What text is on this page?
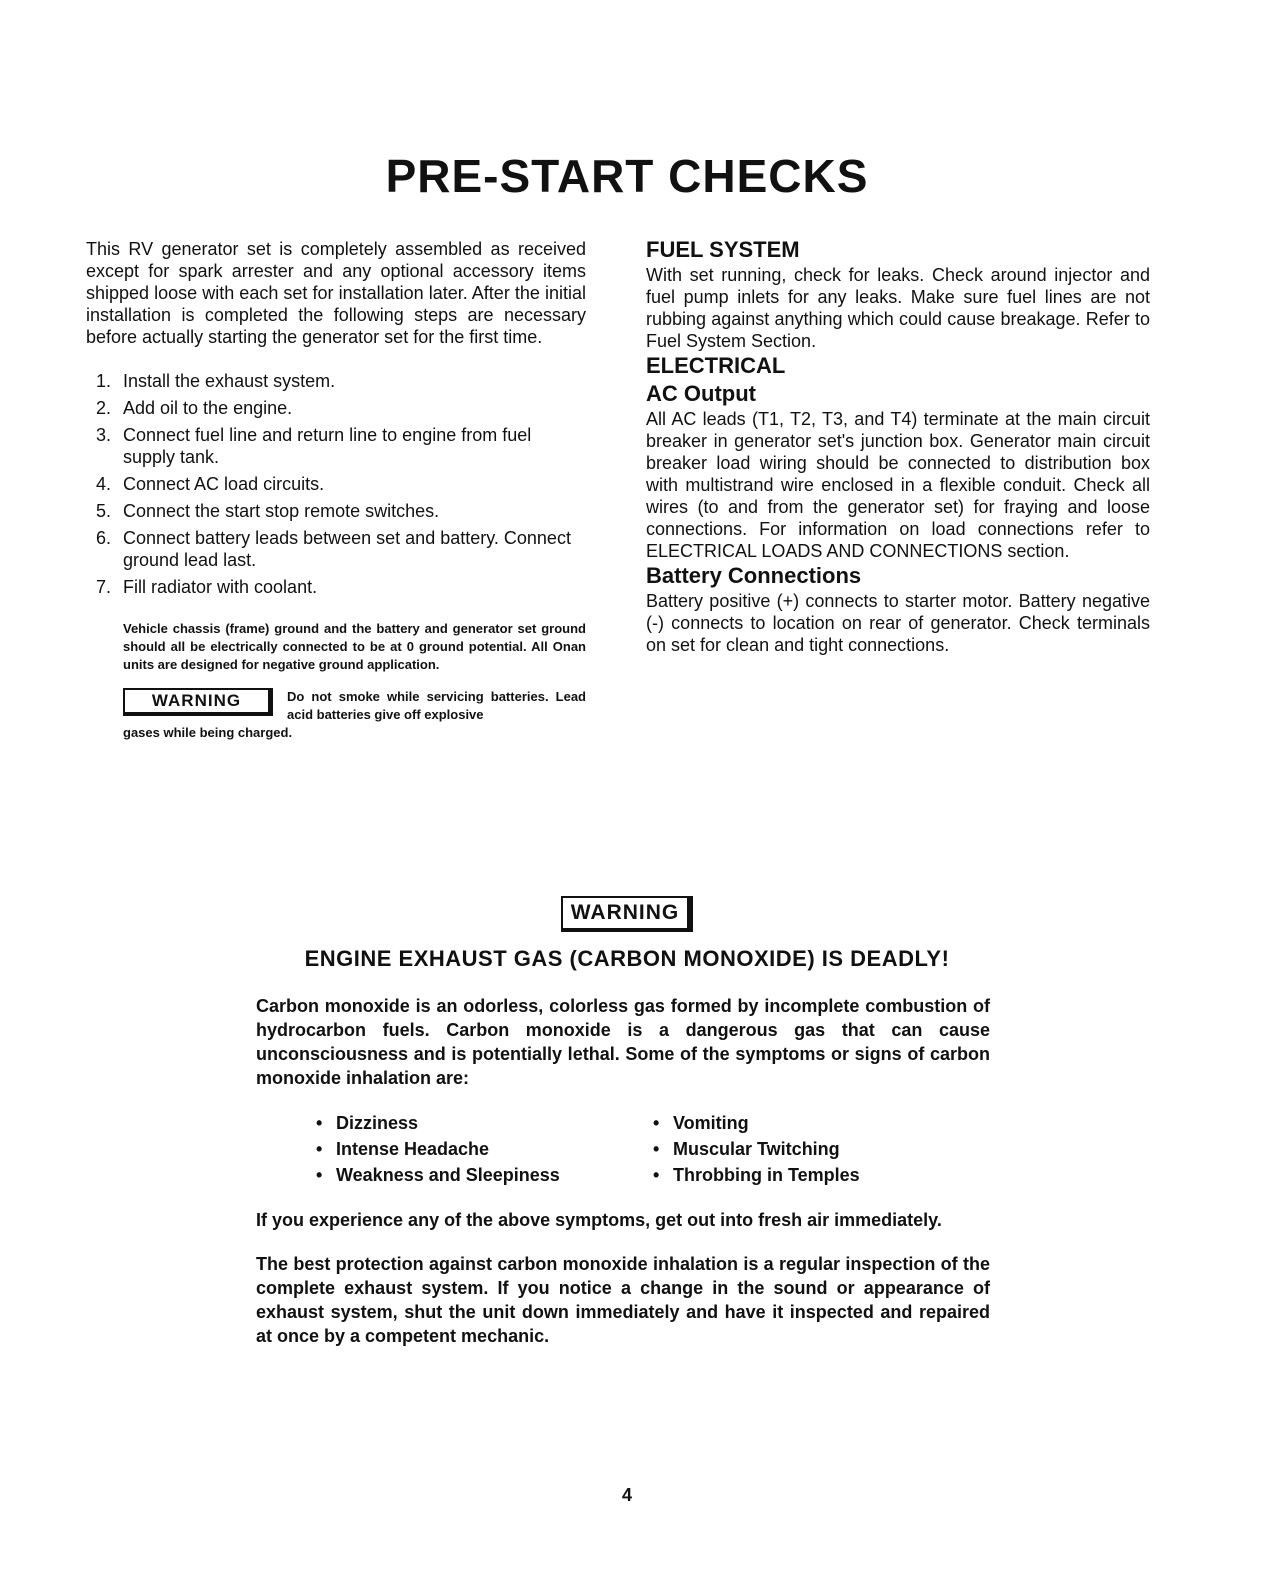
PRE-START CHECKS

This RV generator set is completely assembled as received except for spark arrester and any optional accessory items shipped loose with each set for installation later. After the initial installation is completed the following steps are necessary before actually starting the generator set for the first time.

1. Install the exhaust system.
2. Add oil to the engine.
3. Connect fuel line and return line to engine from fuel supply tank.
4. Connect AC load circuits.
5. Connect the start stop remote switches.
6. Connect battery leads between set and battery. Connect ground lead last.
7. Fill radiator with coolant.

Vehicle chassis (frame) ground and the battery and generator set ground should all be electrically connected to be at 0 ground potential. All Onan units are designed for negative ground application.

WARNING	Do not smoke while servicing batteries. Lead acid batteries give off explosive
gases while being charged.
FUEL SYSTEM

With set running, check for leaks. Check around injector and fuel pump inlets for any leaks. Make sure fuel lines are not rubbing against anything which could cause breakage. Refer to Fuel System Section.

ELECTRICAL
AC Output

All AC leads (T1, T2, T3, and T4) terminate at the main circuit breaker in generator set's junction box. Generator main circuit breaker load wiring should be connected to distribution box with multistrand wire enclosed in a flexible conduit. Check all wires (to and from the generator set) for fraying and loose connections. For information on load connections refer to ELECTRICAL LOADS AND CONNECTIONS section.

Battery Connections

Battery positive (+) connects to starter motor. Battery negative (-) connects to location on rear of generator. Check terminals on set for clean and tight connections.

WARNING
ENGINE EXHAUST GAS (CARBON MONOXIDE) IS DEADLY!

Carbon monoxide is an odorless, colorless gas formed by incomplete combustion of hydrocarbon fuels. Carbon monoxide is a dangerous gas that can cause unconsciousness and is potentially lethal. Some of the symptoms or signs of carbon monoxide inhalation are:

• Dizziness
• Intense Headache
• Weakness and Sleepiness
• Vomiting
• Muscular Twitching
• Throbbing in Temples

If you experience any of the above symptoms, get out into fresh air immediately.

The best protection against carbon monoxide inhalation is a regular inspection of the complete exhaust system. If you notice a change in the sound or appearance of exhaust system, shut the unit down immediately and have it inspected and repaired at once by a competent mechanic.

4
